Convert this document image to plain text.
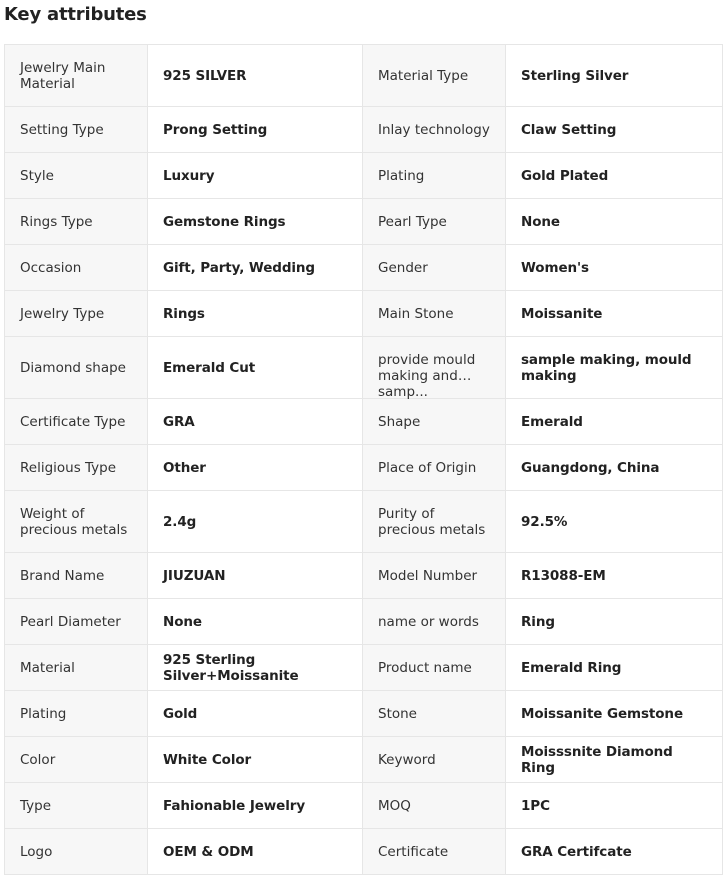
Key attributes
Jewelry Main Material	925 SILVER	Material Type	Sterling Silver

Setting Type	Prong Setting	Inlay technology	Claw Setting

Style	Luxury	Plating	Gold Plated

Rings Type	Gemstone Rings	Pearl Type	None

Occasion	Gift, Party, Wedding	Gender	Women's

Jewelry Type	Rings	Main Stone	Moissanite

Diamond shape	Emerald Cut	provide mould making and samp...	sample making, mould making

Certificate Type	GRA	Shape	Emerald

Religious Type	Other	Place of Origin	Guangdong, China

Weight of precious metals	2.4g	Purity of precious metals	92.5%

Brand Name	JIUZUAN	Model Number	R13088-EM

Pearl Diameter	None	name or words	Ring

Material	925 Sterling Silver+Moissanite	Product name	Emerald Ring

Plating	Gold	Stone	Moissanite Gemstone

Color	White Color	Keyword	Moisssnite Diamond Ring

Type	Fahionable Jewelry	MOQ	1PC

Logo	OEM & ODM	Certificate	GRA Certifcate
